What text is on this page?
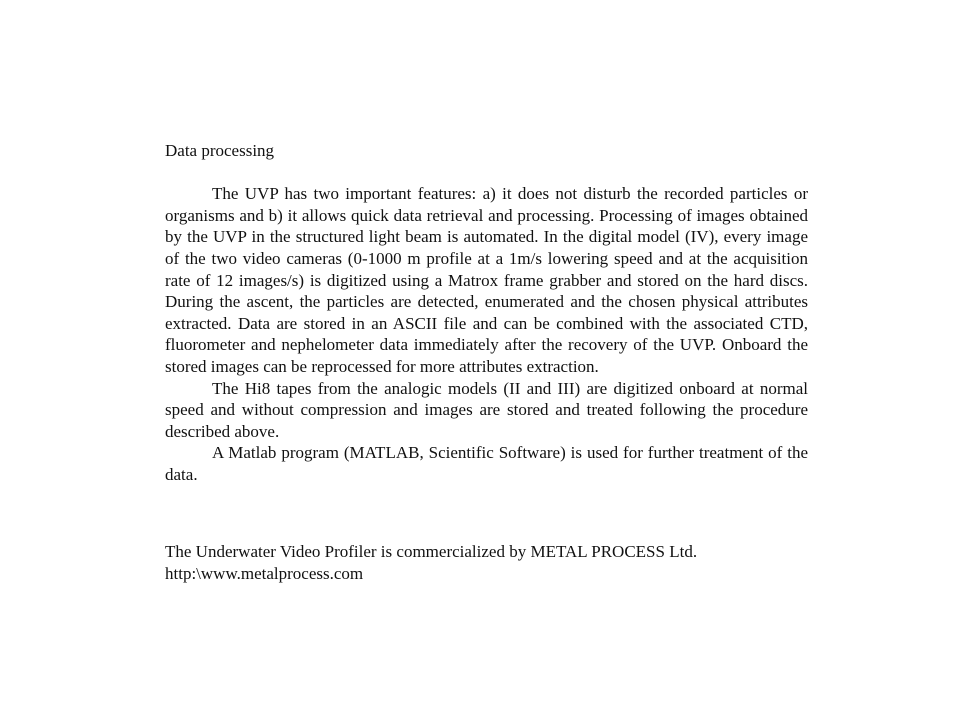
Data processing

The UVP has two important features: a) it does not disturb the recorded particles or organisms and b) it allows quick data retrieval and processing. Processing of images obtained by the UVP in the structured light beam is automated. In the digital model (IV), every image of the two video cameras (0-1000 m profile at a 1m/s lowering speed and at the acquisition rate of 12 images/s) is digitized using a Matrox frame grabber and stored on the hard discs. During the ascent, the particles are detected, enumerated and the chosen physical attributes extracted. Data are stored in an ASCII file and can be combined with the associated CTD, fluorometer and nephelometer data immediately after the recovery of the UVP. Onboard the stored images can be reprocessed for more attributes extraction.

The Hi8 tapes from the analogic models (II and III) are digitized onboard at normal speed and without compression and images are stored and treated following the procedure described above.

A Matlab program (MATLAB, Scientific Software) is used for further treatment of the data.

The Underwater Video Profiler is commercialized by METAL PROCESS Ltd.
http:\www.metalprocess.com
